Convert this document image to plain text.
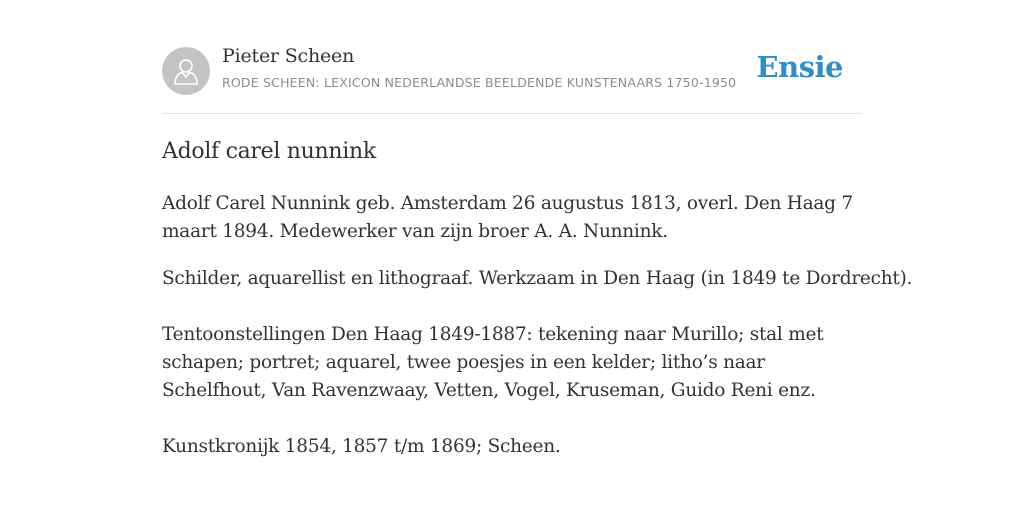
Pieter Scheen
RODE SCHEEN: LEXICON NEDERLANDSE BEELDENDE KUNSTENAARS 1750-1950 Ensie
Adolf carel nunnink

Adolf Carel Nunnink geb. Amsterdam 26 augustus 1813, overl. Den Haag 7 maart 1894. Medewerker van zijn broer A. A. Nunnink.

Schilder, aquarellist en lithograaf. Werkzaam in Den Haag (in 1849 te Dordrecht).

Tentoonstellingen Den Haag 1849-1887: tekening naar Murillo; stal met schapen; portret; aquarel, twee poesjes in een kelder; litho’s naar Schelfhout, Van Ravenzwaay, Vetten, Vogel, Kruseman, Guido Reni enz.

Kunstkronijk 1854, 1857 t/m 1869; Scheen.
